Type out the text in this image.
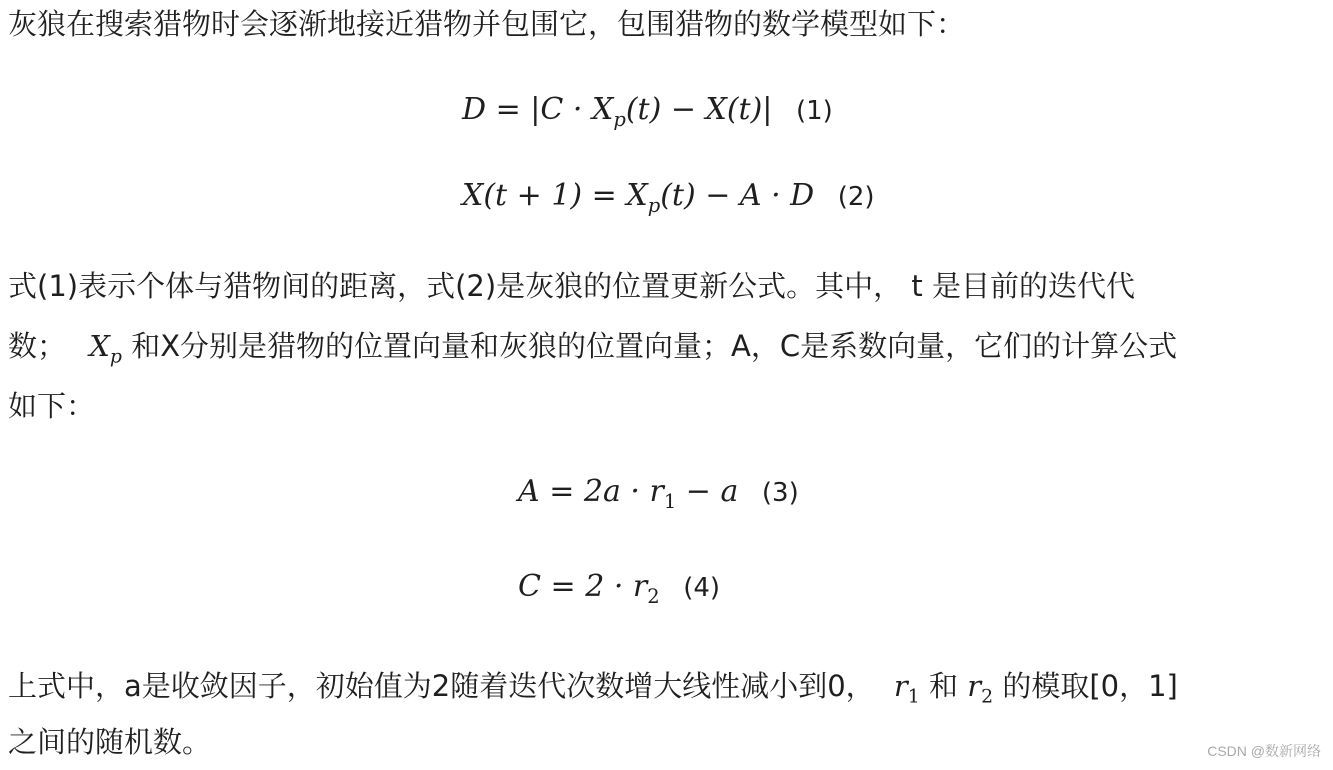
灰狼在搜索猎物时会逐渐地接近猎物并包围它，包围猎物的数学模型如下：
$D = |C \cdot X_p(t) - X(t)|$ (1)
$X(t + 1) = X_p(t) - A \cdot D$ (2)
式(1)表示个体与猎物间的距离，式(2)是灰狼的位置更新公式。其中， t 是目前的迭代代
数； $X_p$ 和X分别是猎物的位置向量和灰狼的位置向量；A，C是系数向量，它们的计算公式
如下：
$A = 2a \cdot r_1 - a$ (3)
$C = 2 \cdot r_2$ (4)
上式中，a是收敛因子，初始值为2随着迭代次数增大线性减小到0， $r_1$ 和 $r_2$ 的模取[0，1]
之间的随机数。	CSDN @数新网络
